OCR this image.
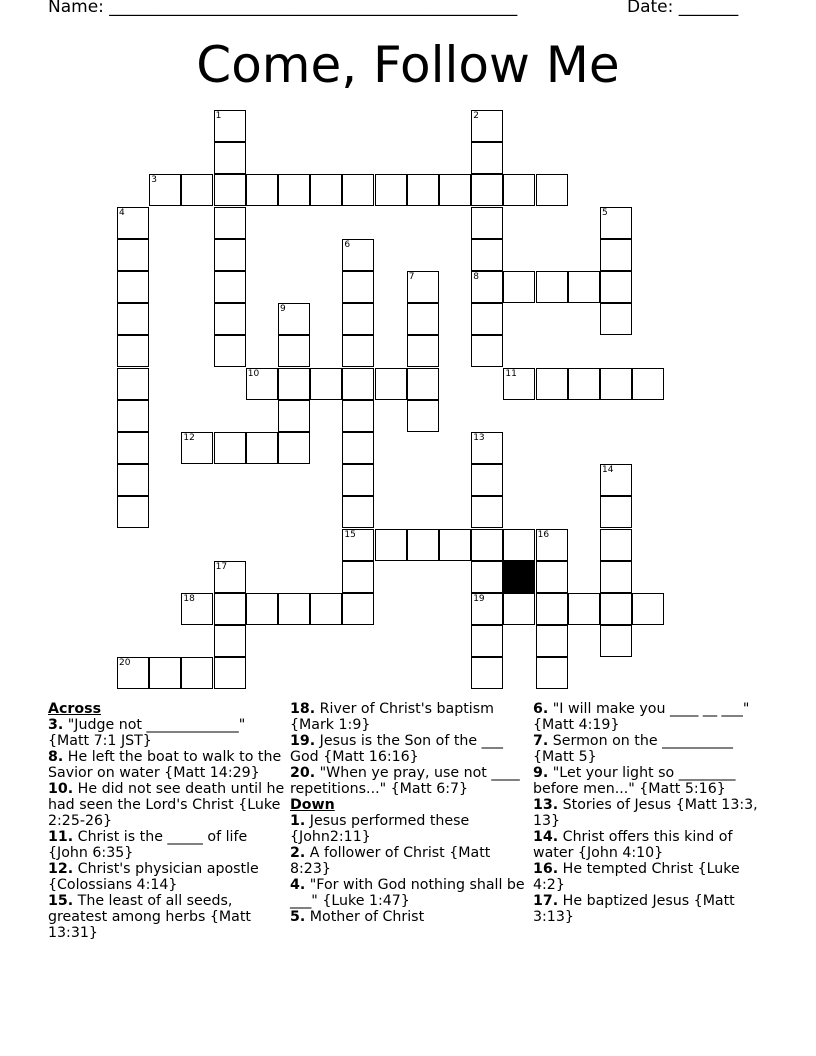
Name: ________________________________________________	Date: _______
Come, Follow Me
1	2
3
4	5
6
7	8
9
10	11
12	13
14
15	16
17
18	19
20

Across

3. "Judge not _____________" {Matt 7:1 JST}

8. He left the boat to walk to the Savior on water {Matt 14:29}

10. He did not see death until he had seen the Lord's Christ {Luke 2:25-26}

11. Christ is the _____ of life {John 6:35}

12. Christ's physician apostle {Colossians 4:14}

15. The least of all seeds, greatest among herbs {Matt 13:31}

18. River of Christ's baptism {Mark 1:9}

19. Jesus is the Son of the ___ God {Matt 16:16}

20. "When ye pray, use not ____ repetitions..." {Matt 6:7}

Down

1. Jesus performed these {John2:11}

2. A follower of Christ {Matt 8:23}

4. "For with God nothing shall be ___" {Luke 1:47}

5. Mother of Christ

6. "I will make you ____ __ ___" {Matt 4:19}

7. Sermon on the __________ {Matt 5}

9. "Let your light so ________ before men..." {Matt 5:16}

13. Stories of Jesus {Matt 13:3, 13}

14. Christ offers this kind of water {John 4:10}

16. He tempted Christ {Luke 4:2}

17. He baptized Jesus {Matt 3:13}
